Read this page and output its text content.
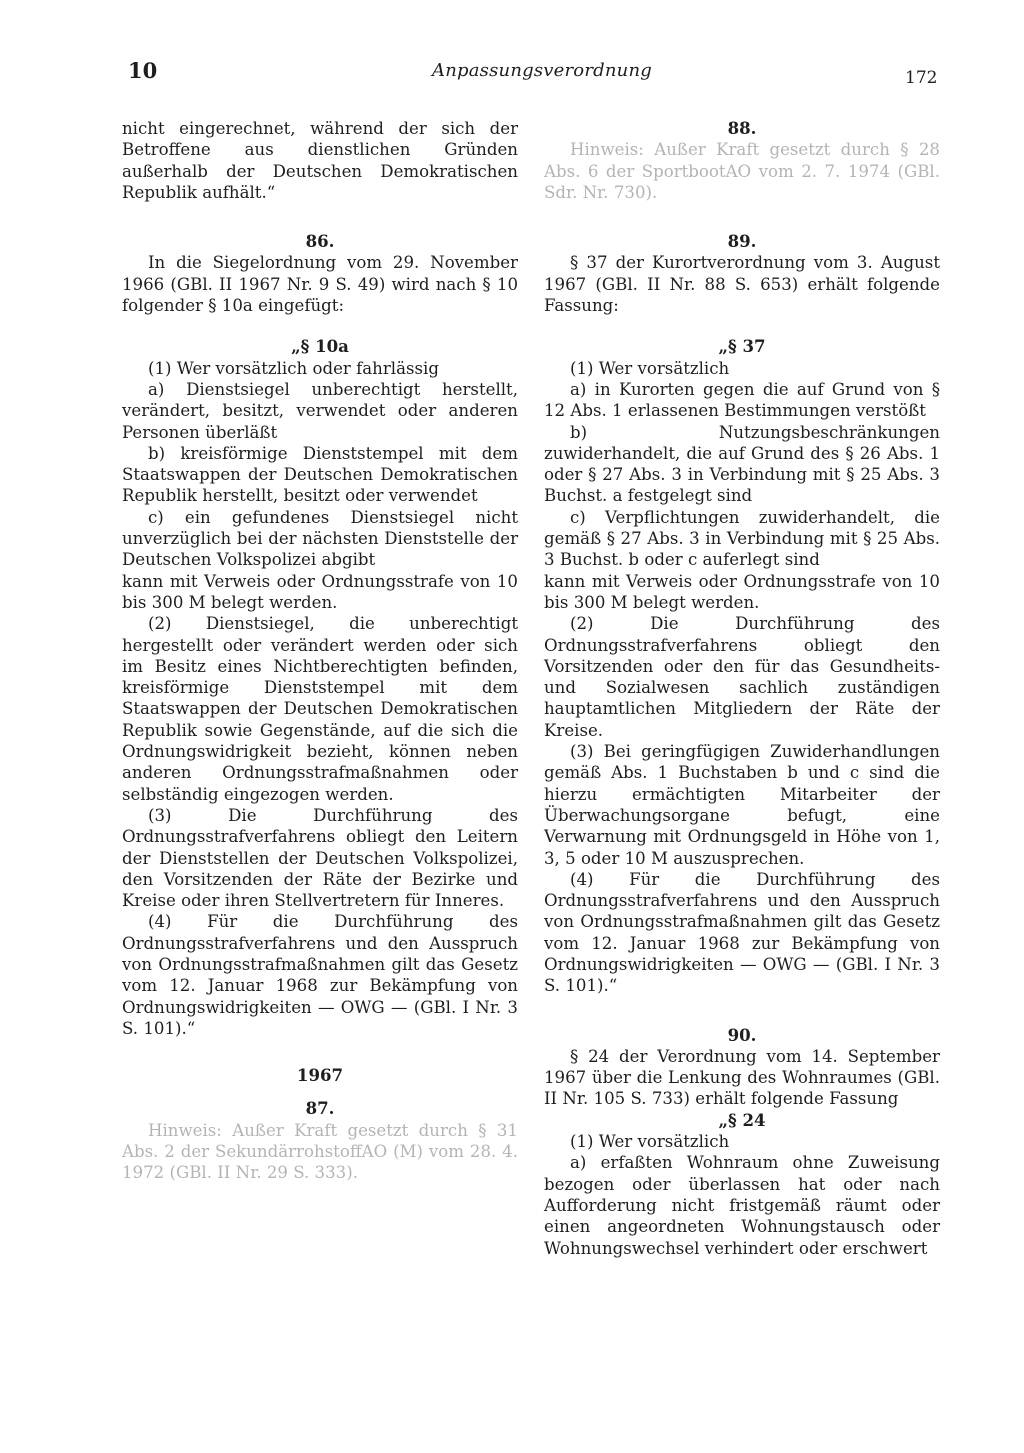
10	Anpassungsverordnung	172

nicht eingerechnet, während der sich der Betroffene aus dienstlichen Gründen außerhalb der Deutschen Demokratischen Republik aufhält.“

86.

In die Siegelordnung vom 29. November 1966 (GBl. II 1967 Nr. 9 S. 49) wird nach § 10 folgender § 10a eingefügt:

„§ 10a

(1) Wer vorsätzlich oder fahrlässig

a) Dienstsiegel unberechtigt herstellt, verändert, besitzt, verwendet oder anderen Personen überläßt

b) kreisförmige Dienststempel mit dem Staatswappen der Deutschen Demokratischen Republik herstellt, besitzt oder verwendet

c) ein gefundenes Dienstsiegel nicht unverzüglich bei der nächsten Dienststelle der Deutschen Volkspolizei abgibt

kann mit Verweis oder Ordnungsstrafe von 10 bis 300 M belegt werden.

(2) Dienstsiegel, die unberechtigt hergestellt oder verändert werden oder sich im Besitz eines Nichtberechtigten befinden, kreisförmige Dienststempel mit dem Staatswappen der Deutschen Demokratischen Republik sowie Gegenstände, auf die sich die Ordnungswidrigkeit bezieht, können neben anderen Ordnungsstrafmaßnahmen oder selbständig eingezogen werden.

(3) Die Durchführung des Ordnungsstrafverfahrens obliegt den Leitern der Dienststellen der Deutschen Volkspolizei, den Vorsitzenden der Räte der Bezirke und Kreise oder ihren Stellvertretern für Inneres.

(4) Für die Durchführung des Ordnungsstrafverfahrens und den Ausspruch von Ordnungsstrafmaßnahmen gilt das Gesetz vom 12. Januar 1968 zur Bekämpfung von Ordnungswidrigkeiten — OWG — (GBl. I Nr. 3 S. 101).“

1967

87.

Hinweis: Außer Kraft gesetzt durch § 31 Abs. 2 der SekundärrohstoffAO (M) vom 28. 4. 1972 (GBl. II Nr. 29 S. 333).

88.

Hinweis: Außer Kraft gesetzt durch § 28 Abs. 6 der SportbootAO vom 2. 7. 1974 (GBl. Sdr. Nr. 730).

89.

§ 37 der Kurortverordnung vom 3. August 1967 (GBl. II Nr. 88 S. 653) erhält folgende Fassung:

„§ 37

(1) Wer vorsätzlich

a) in Kurorten gegen die auf Grund von § 12 Abs. 1 erlassenen Bestimmungen verstößt

b) Nutzungsbeschränkungen zuwiderhandelt, die auf Grund des § 26 Abs. 1 oder § 27 Abs. 3 in Verbindung mit § 25 Abs. 3 Buchst. a festgelegt sind

c) Verpflichtungen zuwiderhandelt, die gemäß § 27 Abs. 3 in Verbindung mit § 25 Abs. 3 Buchst. b oder c auferlegt sind

kann mit Verweis oder Ordnungsstrafe von 10 bis 300 M belegt werden.

(2) Die Durchführung des Ordnungsstrafverfahrens obliegt den Vorsitzenden oder den für das Gesundheits- und Sozialwesen sachlich zuständigen hauptamtlichen Mitgliedern der Räte der Kreise.

(3) Bei geringfügigen Zuwiderhandlungen gemäß Abs. 1 Buchstaben b und c sind die hierzu ermächtigten Mitarbeiter der Überwachungsorgane befugt, eine Verwarnung mit Ordnungsgeld in Höhe von 1, 3, 5 oder 10 M auszusprechen.

(4) Für die Durchführung des Ordnungsstrafverfahrens und den Ausspruch von Ordnungsstrafmaßnahmen gilt das Gesetz vom 12. Januar 1968 zur Bekämpfung von Ordnungswidrigkeiten — OWG — (GBl. I Nr. 3 S. 101).“

90.

§ 24 der Verordnung vom 14. September 1967 über die Lenkung des Wohnraumes (GBl. II Nr. 105 S. 733) erhält folgende Fassung

„§ 24

(1) Wer vorsätzlich

a) erfaßten Wohnraum ohne Zuweisung bezogen oder überlassen hat oder nach Aufforderung nicht fristgemäß räumt oder einen angeordneten Wohnungstausch oder Wohnungswechsel verhindert oder erschwert
